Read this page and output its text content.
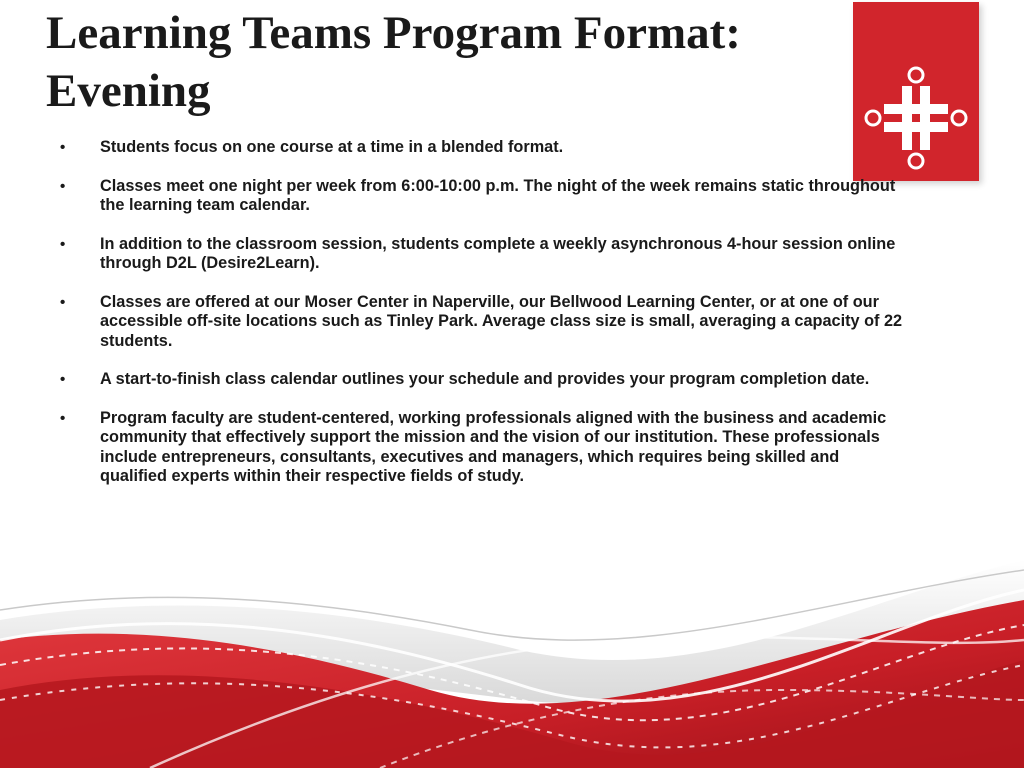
Learning Teams Program Format:
Evening
• Students focus on one course at a time in a blended format.
• Classes meet one night per week from 6:00-10:00 p.m. The night of the week remains static throughout the learning team calendar.
• In addition to the classroom session, students complete a weekly asynchronous 4-hour session online through D2L (Desire2Learn).
• Classes are offered at our Moser Center in Naperville, our Bellwood Learning Center, or at one of our accessible off-site locations such as Tinley Park. Average class size is small, averaging a capacity of 22 students.
• A start-to-finish class calendar outlines your schedule and provides your program completion date.
• Program faculty are student-centered, working professionals aligned with the business and academic community that effectively support the mission and the vision of our institution. These professionals include entrepreneurs, consultants, executives and managers, which requires being skilled and qualified experts within their respective fields of study.
